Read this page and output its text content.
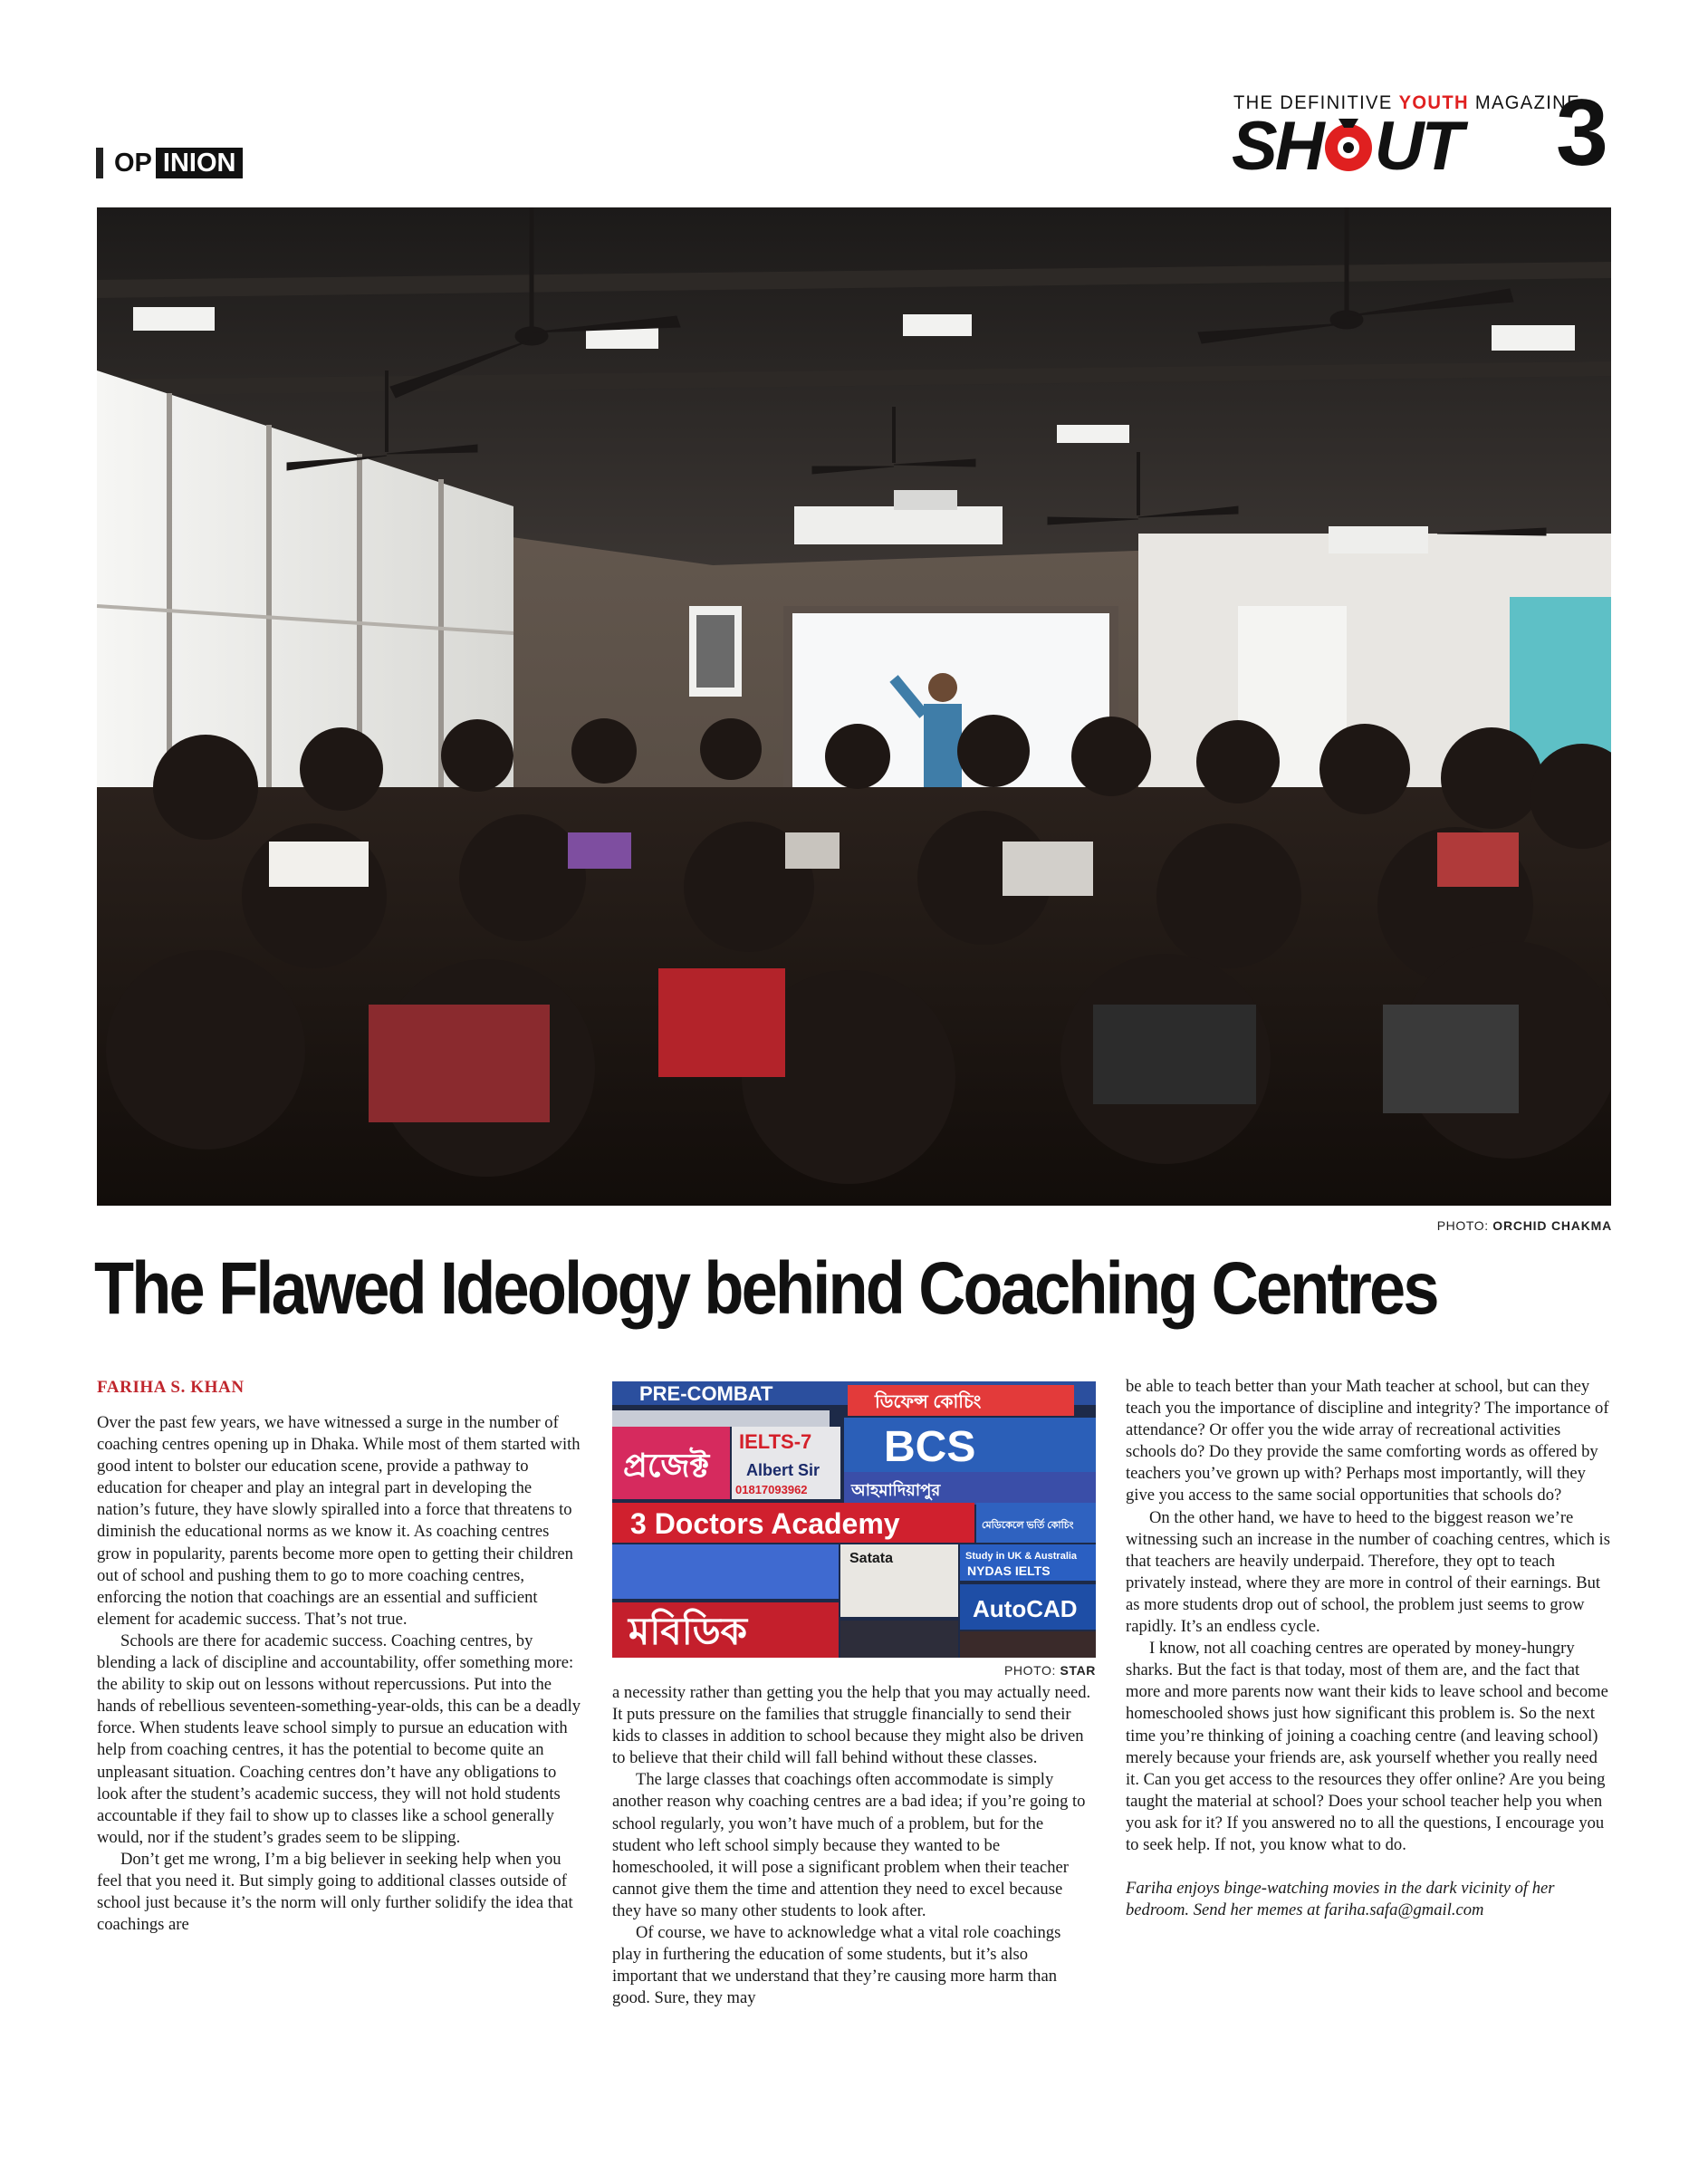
OP INION
THE DEFINITIVE YOUTH MAGAZINE
SH UT 3
PHOTO: ORCHID CHAKMA
The Flawed Ideology behind Coaching Centres
FARIHA S. KHAN

Over the past few years, we have witnessed a surge in the number of coaching centres opening up in Dhaka. While most of them started with good intent to bolster our education scene, provide a pathway to education for cheaper and play an integral part in developing the nation’s future, they have slowly spiralled into a force that threatens to diminish the educational norms as we know it. As coaching centres grow in popularity, parents become more open to getting their children out of school and pushing them to go to more coaching centres, enforcing the notion that coachings are an essential and sufficient element for academic success. That’s not true.

Schools are there for academic success. Coaching centres, by blending a lack of discipline and accountability, offer something more: the ability to skip out on lessons without repercussions. Put into the hands of rebellious seventeen-something-year-olds, this can be a deadly force. When students leave school simply to pursue an education with help from coaching centres, it has the potential to become quite an unpleasant situation. Coaching centres don’t have any obligations to look after the student’s academic success, they will not hold students accountable if they fail to show up to classes like a school generally would, nor if the student’s grades seem to be slipping.

Don’t get me wrong, I’m a big believer in seeking help when you feel that you need it. But simply going to additional classes outside of school just because it’s the norm will only further solidify the idea that coachings are

PRE-COMBAT	ডিফেন্স কোচিং
প্রজেক্ট
IELTS-7
Albert Sir
01817093962
BCS
আহমাদিয়াপুর
3 Doctors Academy	মেডিকেলে ভর্তি কোচিং
Satata	Study in UK & Australia
NYDAS IELTS
AutoCAD
মবিডিক
PHOTO: STAR

a necessity rather than getting you the help that you may actually need. It puts pressure on the families that struggle financially to send their kids to classes in addition to school because they might also be driven to believe that their child will fall behind without these classes.

The large classes that coachings often accommodate is simply another reason why coaching centres are a bad idea; if you’re going to school regularly, you won’t have much of a problem, but for the student who left school simply because they wanted to be homeschooled, it will pose a significant problem when their teacher cannot give them the time and attention they need to excel because they have so many other students to look after.

Of course, we have to acknowledge what a vital role coachings play in furthering the education of some students, but it’s also important that we understand that they’re causing more harm than good. Sure, they may

be able to teach better than your Math teacher at school, but can they teach you the importance of discipline and integrity? The importance of attendance? Or offer you the wide array of recreational activities schools do? Do they provide the same comforting words as offered by teachers you’ve grown up with? Perhaps most importantly, will they give you access to the same social opportunities that schools do?

On the other hand, we have to heed to the biggest reason we’re witnessing such an increase in the number of coaching centres, which is that teachers are heavily underpaid. Therefore, they opt to teach privately instead, where they are more in control of their earnings. But as more students drop out of school, the problem just seems to grow rapidly. It’s an endless cycle.

I know, not all coaching centres are operated by money-hungry sharks. But the fact is that today, most of them are, and the fact that more and more parents now want their kids to leave school and become homeschooled shows just how significant this problem is. So the next time you’re thinking of joining a coaching centre (and leaving school) merely because your friends are, ask yourself whether you really need it. Can you get access to the resources they offer online? Are you being taught the material at school? Does your school teacher help you when you ask for it? If you answered no to all the questions, I encourage you to seek help. If not, you know what to do.

Fariha enjoys binge-watching movies in the dark vicinity of her bedroom. Send her memes at fariha.safa@gmail.com
